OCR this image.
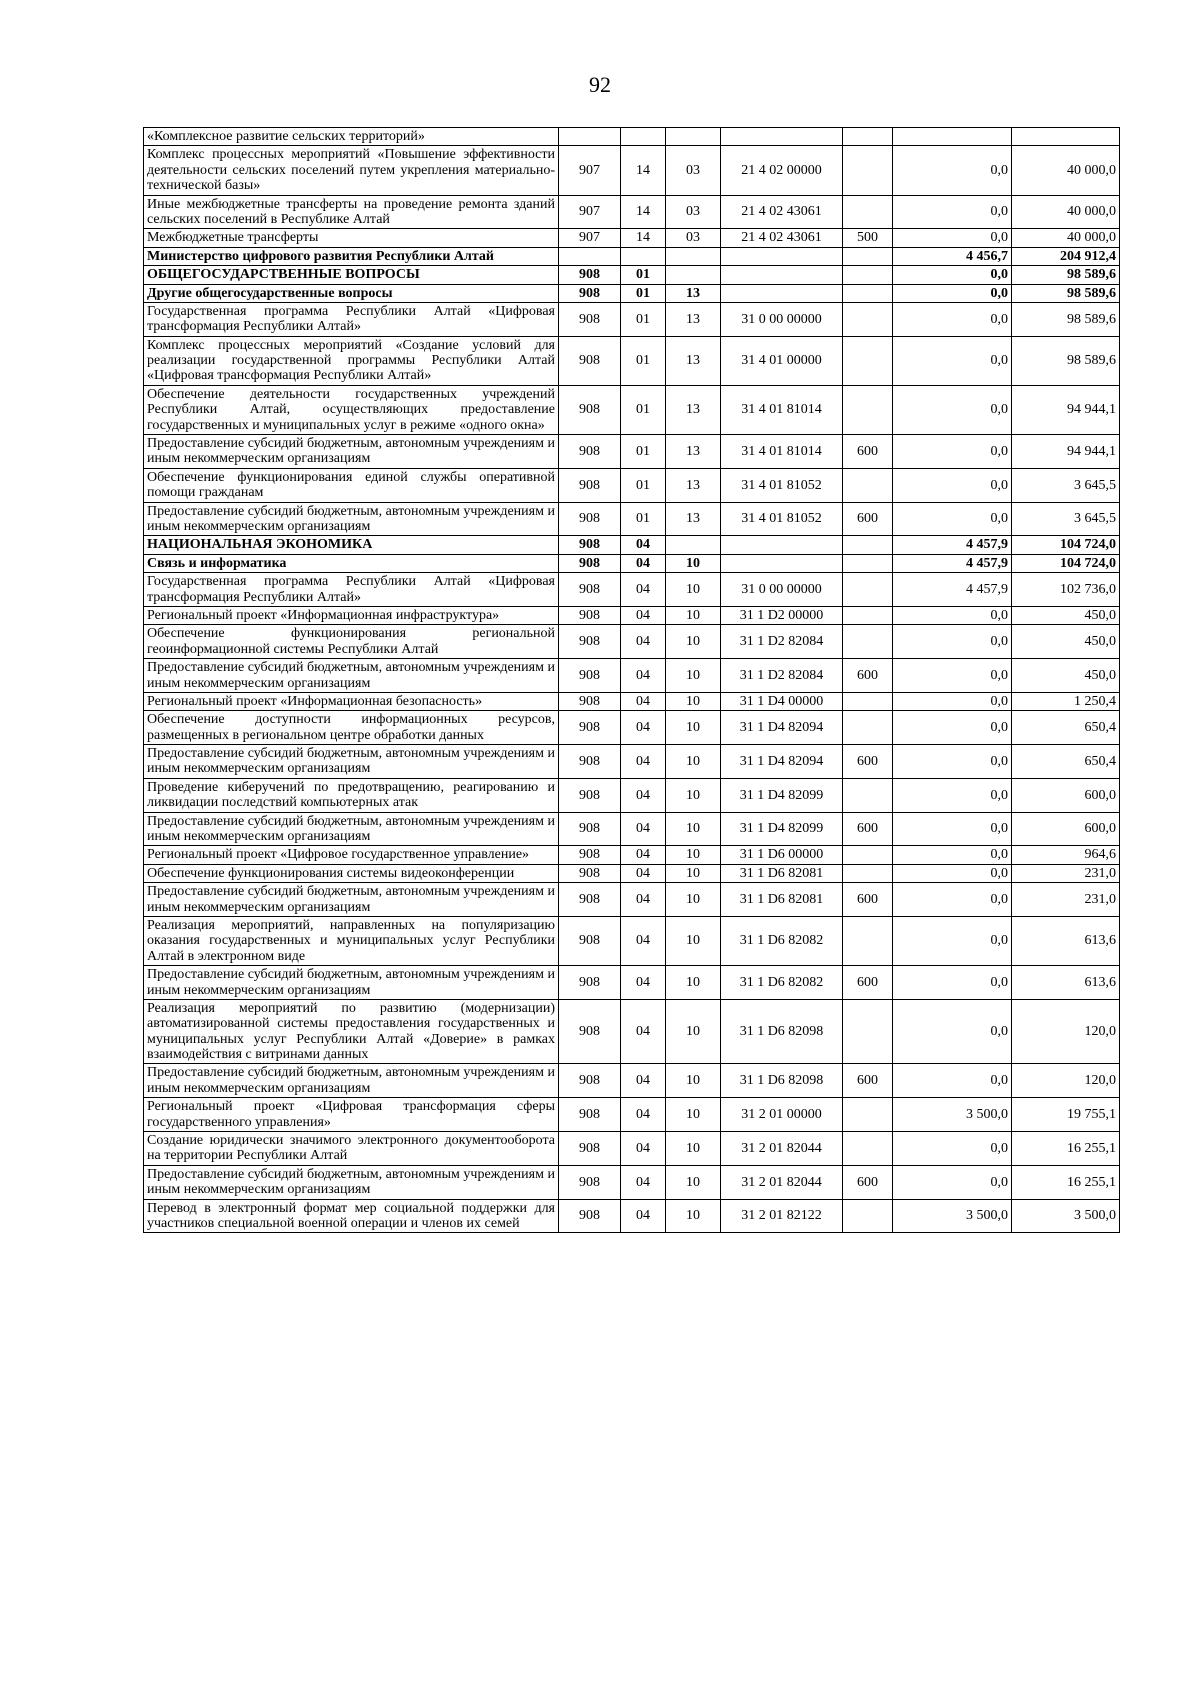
92
«Комплексное развитие сельских территорий»							
Комплекс процессных мероприятий «Повышение эффективности деятельности сельских поселений путем укрепления материально-технической базы»	907	14	03	21 4 02 00000		0,0	40 000,0
Иные межбюджетные трансферты на проведение ремонта зданий сельских поселений в Республике Алтай	907	14	03	21 4 02 43061		0,0	40 000,0
Межбюджетные трансферты	907	14	03	21 4 02 43061	500	0,0	40 000,0
Министерство цифрового развития Республики Алтай						4 456,7	204 912,4
ОБЩЕГОСУДАРСТВЕННЫЕ ВОПРОСЫ	908	01				0,0	98 589,6
Другие общегосударственные вопросы	908	01	13			0,0	98 589,6
Государственная программа Республики Алтай «Цифровая трансформация Республики Алтай»	908	01	13	31 0 00 00000		0,0	98 589,6
Комплекс процессных мероприятий «Создание условий для реализации государственной программы Республики Алтай «Цифровая трансформация Республики Алтай»	908	01	13	31 4 01 00000		0,0	98 589,6
Обеспечение деятельности государственных учреждений Республики Алтай, осуществляющих предоставление государственных и муниципальных услуг в режиме «одного окна»	908	01	13	31 4 01 81014		0,0	94 944,1
Предоставление субсидий бюджетным, автономным учреждениям и иным некоммерческим организациям	908	01	13	31 4 01 81014	600	0,0	94 944,1
Обеспечение функционирования единой службы оперативной помощи гражданам	908	01	13	31 4 01 81052		0,0	3 645,5
Предоставление субсидий бюджетным, автономным учреждениям и иным некоммерческим организациям	908	01	13	31 4 01 81052	600	0,0	3 645,5
НАЦИОНАЛЬНАЯ ЭКОНОМИКА	908	04				4 457,9	104 724,0
Связь и информатика	908	04	10			4 457,9	104 724,0
Государственная программа Республики Алтай «Цифровая трансформация Республики Алтай»	908	04	10	31 0 00 00000		4 457,9	102 736,0
Региональный проект «Информационная инфраструктура»	908	04	10	31 1 D2 00000		0,0	450,0
Обеспечение функционирования региональной геоинформационной системы Республики Алтай	908	04	10	31 1 D2 82084		0,0	450,0
Предоставление субсидий бюджетным, автономным учреждениям и иным некоммерческим организациям	908	04	10	31 1 D2 82084	600	0,0	450,0
Региональный проект «Информационная безопасность»	908	04	10	31 1 D4 00000		0,0	1 250,4
Обеспечение доступности информационных ресурсов, размещенных в региональном центре обработки данных	908	04	10	31 1 D4 82094		0,0	650,4
Предоставление субсидий бюджетным, автономным учреждениям и иным некоммерческим организациям	908	04	10	31 1 D4 82094	600	0,0	650,4
Проведение киберучений по предотвращению, реагированию и ликвидации последствий компьютерных атак	908	04	10	31 1 D4 82099		0,0	600,0
Предоставление субсидий бюджетным, автономным учреждениям и иным некоммерческим организациям	908	04	10	31 1 D4 82099	600	0,0	600,0
Региональный проект «Цифровое государственное управление»	908	04	10	31 1 D6 00000		0,0	964,6
Обеспечение функционирования системы видеоконференции	908	04	10	31 1 D6 82081		0,0	231,0
Предоставление субсидий бюджетным, автономным учреждениям и иным некоммерческим организациям	908	04	10	31 1 D6 82081	600	0,0	231,0
Реализация мероприятий, направленных на популяризацию оказания государственных и муниципальных услуг Республики Алтай в электронном виде	908	04	10	31 1 D6 82082		0,0	613,6
Предоставление субсидий бюджетным, автономным учреждениям и иным некоммерческим организациям	908	04	10	31 1 D6 82082	600	0,0	613,6
Реализация мероприятий по развитию (модернизации) автоматизированной системы предоставления государственных и муниципальных услуг Республики Алтай «Доверие» в рамках взаимодействия с витринами данных	908	04	10	31 1 D6 82098		0,0	120,0
Предоставление субсидий бюджетным, автономным учреждениям и иным некоммерческим организациям	908	04	10	31 1 D6 82098	600	0,0	120,0
Региональный проект «Цифровая трансформация сферы государственного управления»	908	04	10	31 2 01 00000		3 500,0	19 755,1
Создание юридически значимого электронного документооборота на территории Республики Алтай	908	04	10	31 2 01 82044		0,0	16 255,1
Предоставление субсидий бюджетным, автономным учреждениям и иным некоммерческим организациям	908	04	10	31 2 01 82044	600	0,0	16 255,1
Перевод в электронный формат мер социальной поддержки для участников специальной военной операции и членов их семей	908	04	10	31 2 01 82122		3 500,0	3 500,0
